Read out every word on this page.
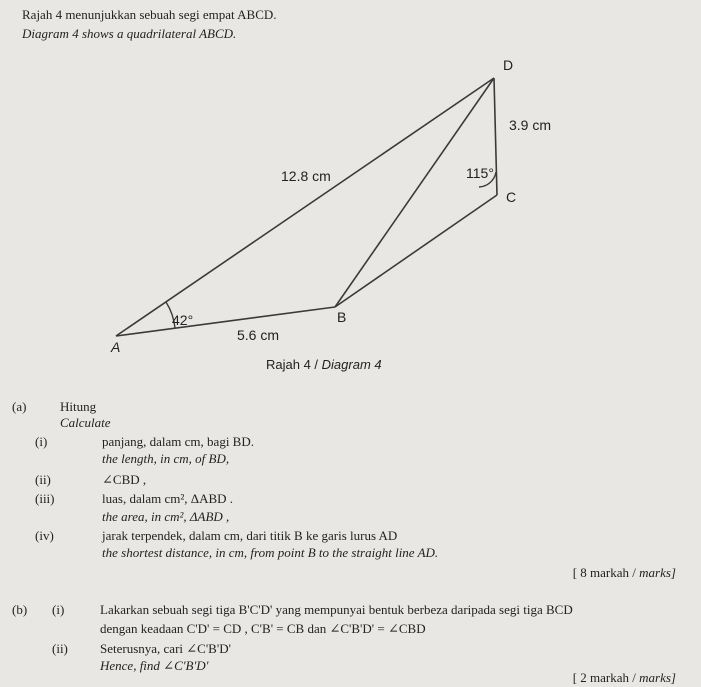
Rajah 4 menunjukkan sebuah segi empat ABCD.
Diagram 4 shows a quadrilateral ABCD.
D
C
B
A
3.9 cm
12.8 cm
5.6 cm
42°
115°
Rajah 4 / Diagram 4
(a)	Hitung
Calculate
(i)	panjang, dalam cm, bagi BD.
the length, in cm, of BD,
(ii)	∠CBD ,
(iii)	luas, dalam cm², ΔABD .
the area, in cm², ΔABD ,
(iv)	jarak terpendek, dalam cm, dari titik B ke garis lurus AD
the shortest distance, in cm, from point B to the straight line AD.
[ 8 markah / marks]
(b) (i)	Lakarkan sebuah segi tiga B'C'D' yang mempunyai bentuk berbeza daripada segi tiga BCD
dengan keadaan C'D' = CD , C'B' = CB dan ∠C'B'D' = ∠CBD
(ii) Seterusnya, cari ∠C'B'D'
Hence, find ∠C'B'D'
[ 2 markah / marks]
